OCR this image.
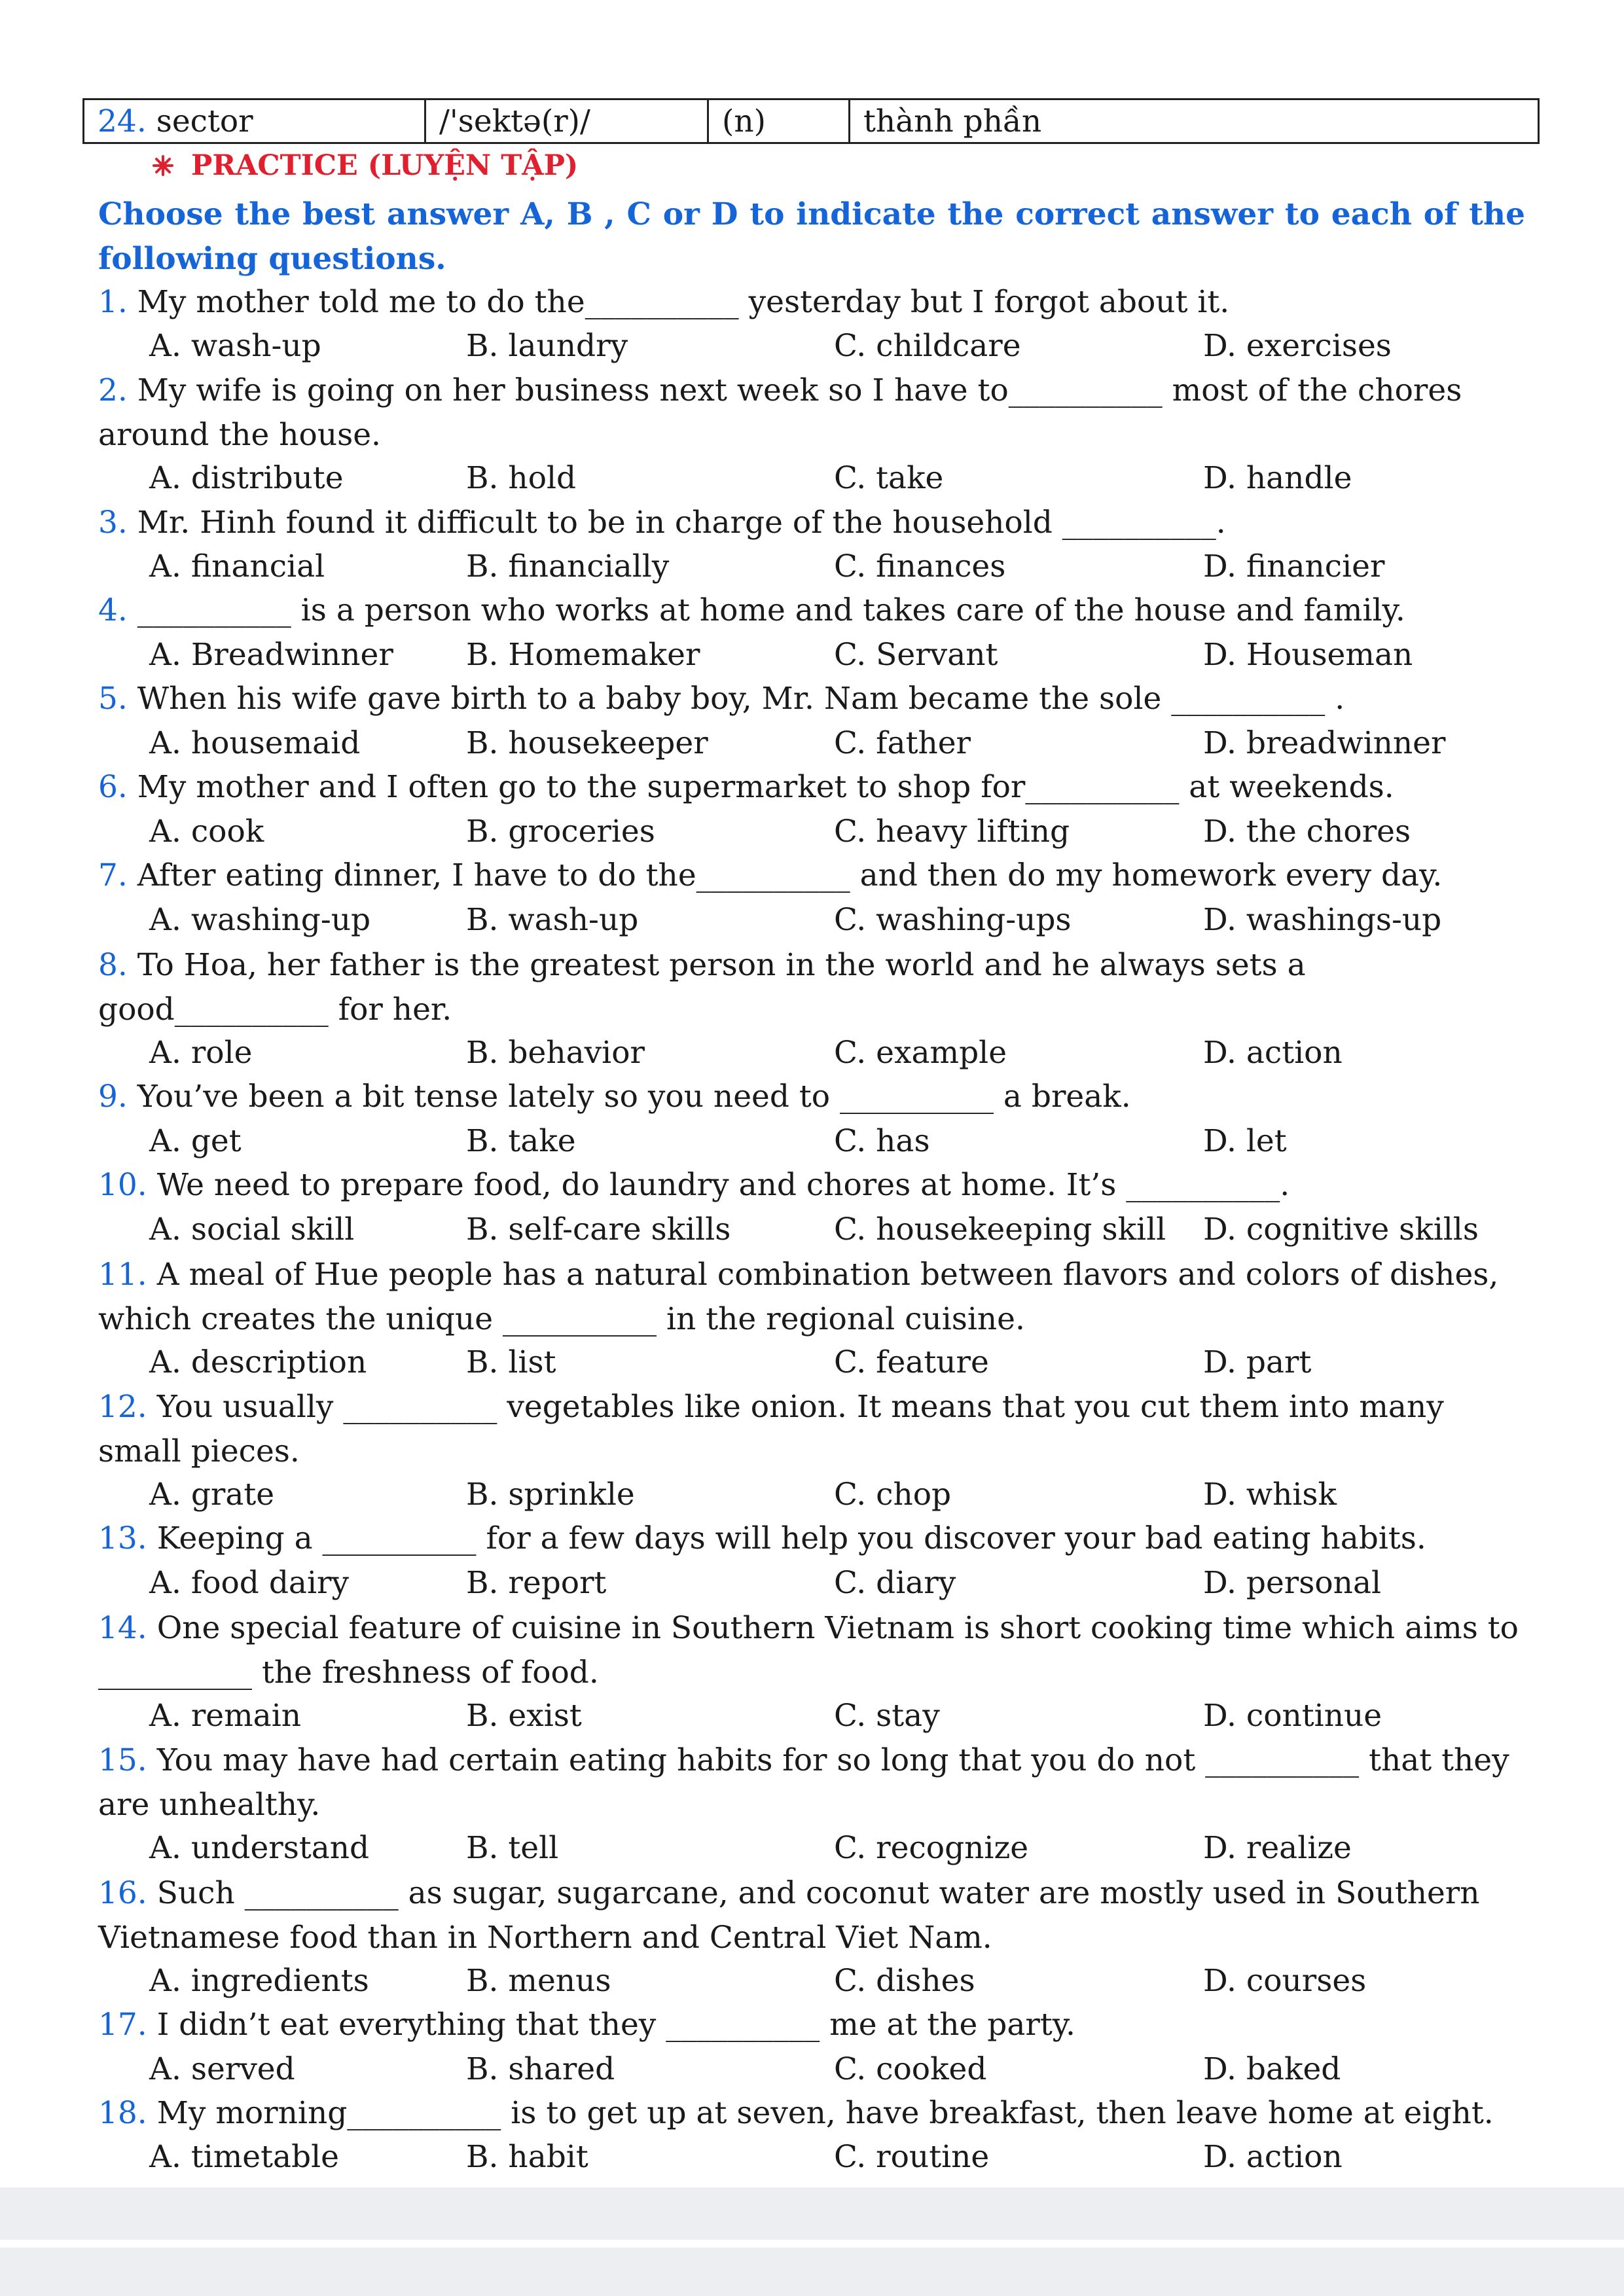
24 .
sector	/'sektə(r)/	(n)	thành phần
PRACTICE (LUYỆN TẬP)
Choose the best answer A, B , C or D to indicate the correct answer to each of the following questions.
1. My mother told me to do the__________ yesterday but I forgot about it.
A. wash-up	B. laundry	C. childcare	D. exercises
2. My wife is going on her business next week so I have to__________ most of the chores around the house.
A. distribute	B. hold	C. take	D. handle
3. Mr. Hinh found it difficult to be in charge of the household __________.
A. financial	B. financially	C. finances	D. financier
4. __________ is a person who works at home and takes care of the house and family.
A. Breadwinner B. Homemaker	C. Servant	D. Houseman
5. When his wife gave birth to a baby boy, Mr. Nam became the sole __________ .
A. housemaid	B. housekeeper	C. father	D. breadwinner
6. My mother and I often go to the supermarket to shop for__________ at weekends.
A. cook	B. groceries	C. heavy lifting	D. the chores
7. After eating dinner, I have to do the__________ and then do my homework every day.
A. washing-up	B. wash-up	C. washing-ups	D. washings-up
8. To Hoa, her father is the greatest person in the world and he always sets a good__________ for her.
A. role	B. behavior	C. example	D. action
9. You’ve been a bit tense lately so you need to __________ a break.
A. get	B. take	C. has	D. let
10. We need to prepare food, do laundry and chores at home. It’s __________.
A. social skill	B. self-care skills	C. housekeeping skill D. cognitive skills
11. A meal of Hue people has a natural combination between flavors and colors of dishes, which creates the unique __________ in the regional cuisine.
A. description	B. list	C. feature	D. part
12. You usually __________ vegetables like onion. It means that you cut them into many small pieces.
A. grate	B. sprinkle	C. chop	D. whisk
13. Keeping a __________ for a few days will help you discover your bad eating habits.
A. food dairy	B. report	C. diary	D. personal
14. One special feature of cuisine in Southern Vietnam is short cooking time which aims to __________ the freshness of food.
A. remain	B. exist	C. stay	D. continue
15. You may have had certain eating habits for so long that you do not __________ that they are unhealthy.
A. understand	B. tell	C. recognize	D. realize
16. Such __________ as sugar, sugarcane, and coconut water are mostly used in Southern Vietnamese food than in Northern and Central Viet Nam.
A. ingredients	B. menus	C. dishes	D. courses
17. I didn’t eat everything that they __________ me at the party.
A. served	B. shared	C. cooked	D. baked
18. My morning__________ is to get up at seven, have breakfast, then leave home at eight.
A. timetable	B. habit	C. routine	D. action
